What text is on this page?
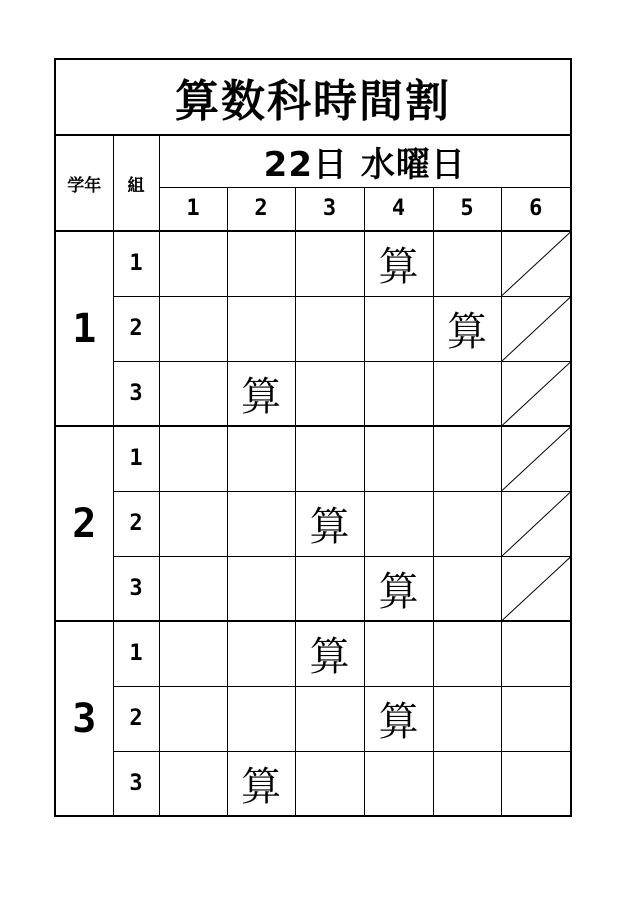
算数科時間割							
学年	組	22日 水曜日					
		1	2	3	4	5	6
1	1				算		

	2					算	

	3		算				

2	1						

	2			算			

	3				算		

3	1			算			
	2				算		
	3		算				
